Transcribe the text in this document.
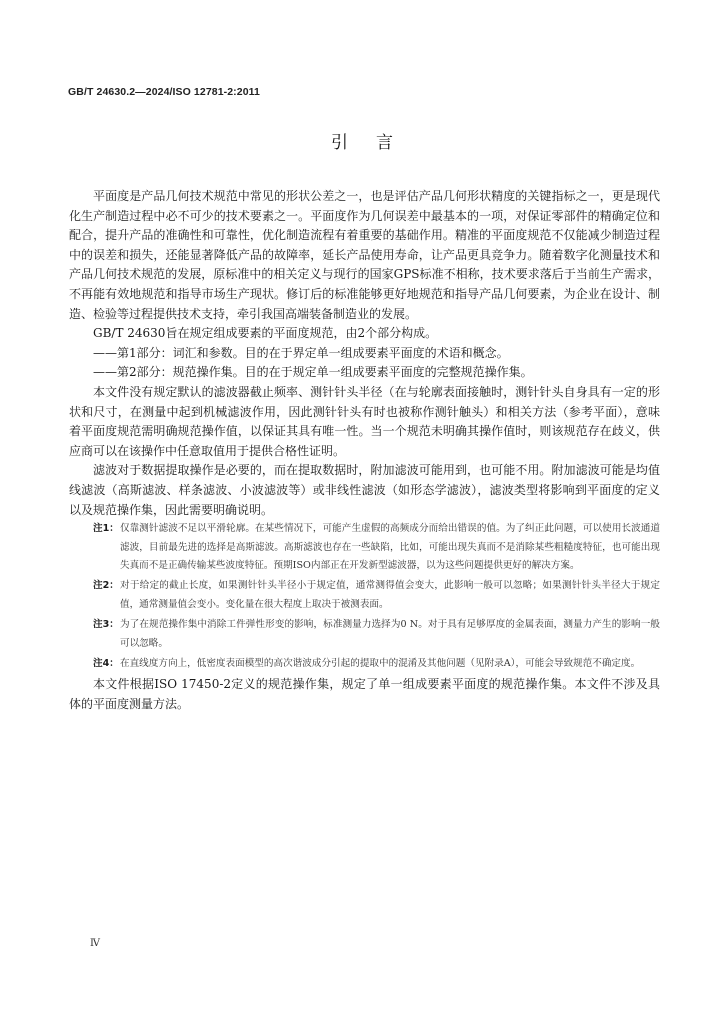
GB/T 24630.2—2024/ISO 12781-2:2011
引言

平面度是产品几何技术规范中常见的形状公差之一，也是评估产品几何形状精度的关键指标之一，更是现代化生产制造过程中必不可少的技术要素之一。平面度作为几何误差中最基本的一项，对保证零部件的精确定位和配合，提升产品的准确性和可靠性，优化制造流程有着重要的基础作用。精准的平面度规范不仅能减少制造过程中的误差和损失，还能显著降低产品的故障率，延长产品使用寿命，让产品更具竞争力。随着数字化测量技术和产品几何技术规范的发展，原标准中的相关定义与现行的国家GPS标准不相称，技术要求落后于当前生产需求，不再能有效地规范和指导市场生产现状。修订后的标准能够更好地规范和指导产品几何要素，为企业在设计、制造、检验等过程提供技术支持，牵引我国高端装备制造业的发展。

GB/T 24630旨在规定组成要素的平面度规范，由2个部分构成。

——第1部分：词汇和参数。目的在于界定单一组成要素平面度的术语和概念。

——第2部分：规范操作集。目的在于规定单一组成要素平面度的完整规范操作集。

本文件没有规定默认的滤波器截止频率、测针针头半径（在与轮廓表面接触时，测针针头自身具有一定的形状和尺寸，在测量中起到机械滤波作用，因此测针针头有时也被称作测针触头）和相关方法（参考平面），意味着平面度规范需明确规范操作值，以保证其具有唯一性。当一个规范未明确其操作值时，则该规范存在歧义，供应商可以在该操作中任意取值用于提供合格性证明。

滤波对于数据提取操作是必要的，而在提取数据时，附加滤波可能用到，也可能不用。附加滤波可能是均值线滤波（高斯滤波、样条滤波、小波滤波等）或非线性滤波（如形态学滤波），滤波类型将影响到平面度的定义以及规范操作集，因此需要明确说明。

注1： 仅靠测针滤波不足以平滑轮廓。在某些情况下，可能产生虚假的高频成分而给出错误的值。为了纠正此问题，可以使用长波通道滤波，目前最先进的选择是高斯滤波。高斯滤波也存在一些缺陷，比如，可能出现失真而不是消除某些粗糙度特征，也可能出现失真而不是正确传输某些波度特征。预期ISO内部正在开发新型滤波器，以为这些问题提供更好的解决方案。
注2： 对于给定的截止长度，如果测针针头半径小于规定值，通常测得值会变大，此影响一般可以忽略；如果测针针头半径大于规定值，通常测量值会变小。变化量在很大程度上取决于被测表面。
注3： 为了在规范操作集中消除工件弹性形变的影响，标准测量力选择为0 N。对于具有足够厚度的金属表面，测量力产生的影响一般可以忽略。
注4： 在直线度方向上，低密度表面模型的高次谐波成分引起的提取中的混淆及其他问题（见附录A），可能会导致规范不确定度。

本文件根据ISO 17450-2定义的规范操作集，规定了单一组成要素平面度的规范操作集。本文件不涉及具体的平面度测量方法。

Ⅳ
